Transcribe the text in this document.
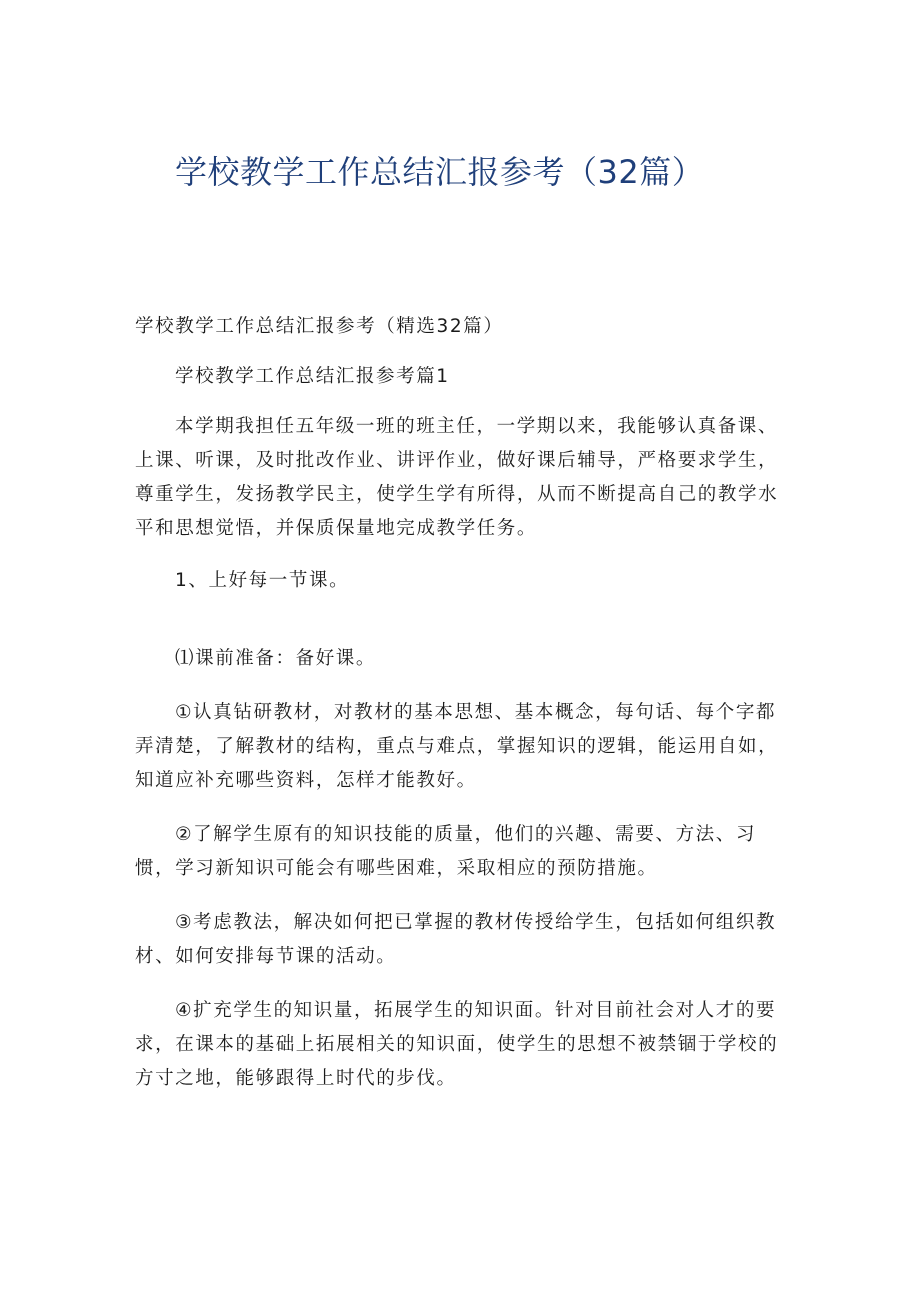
学校教学工作总结汇报参考（32篇）

学校教学工作总结汇报参考（精选32篇）

学校教学工作总结汇报参考篇1

本学期我担任五年级一班的班主任，一学期以来，我能够认真备课、上课、听课，及时批改作业、讲评作业，做好课后辅导，严格要求学生，尊重学生，发扬教学民主，使学生学有所得，从而不断提高自己的教学水平和思想觉悟，并保质保量地完成教学任务。

1、上好每一节课。

⑴课前准备：备好课。

①认真钻研教材，对教材的基本思想、基本概念，每句话、每个字都弄清楚，了解教材的结构，重点与难点，掌握知识的逻辑，能运用自如，知道应补充哪些资料，怎样才能教好。

②了解学生原有的知识技能的质量，他们的兴趣、需要、方法、习惯，学习新知识可能会有哪些困难，采取相应的预防措施。

③考虑教法，解决如何把已掌握的教材传授给学生，包括如何组织教材、如何安排每节课的活动。

④扩充学生的知识量，拓展学生的知识面。针对目前社会对人才的要求，在课本的基础上拓展相关的知识面，使学生的思想不被禁锢于学校的方寸之地，能够跟得上时代的步伐。
